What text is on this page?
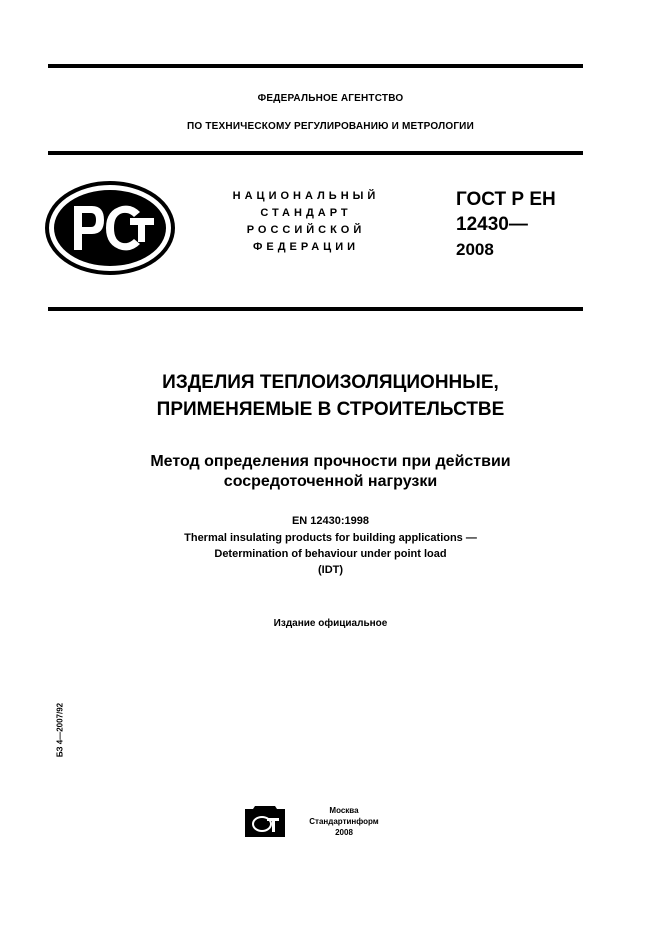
ФЕДЕРАЛЬНОЕ АГЕНТСТВО
ПО ТЕХНИЧЕСКОМУ РЕГУЛИРОВАНИЮ И МЕТРОЛОГИИ
НАЦИОНАЛЬНЫЙ
СТАНДАРТ
РОССИЙСКОЙ
ФЕДЕРАЦИИ
ГОСТ Р ЕН
12430—
2008
ИЗДЕЛИЯ ТЕПЛОИЗОЛЯЦИОННЫЕ,
ПРИМЕНЯЕМЫЕ В СТРОИТЕЛЬСТВЕ
Метод определения прочности при действии
сосредоточенной нагрузки
EN 12430:1998
Thermal insulating products for building applications —
Determination of behaviour under point load
(IDT)
Издание официальное
БЗ 4—2007/92
Москва
Стандартинформ
2008
